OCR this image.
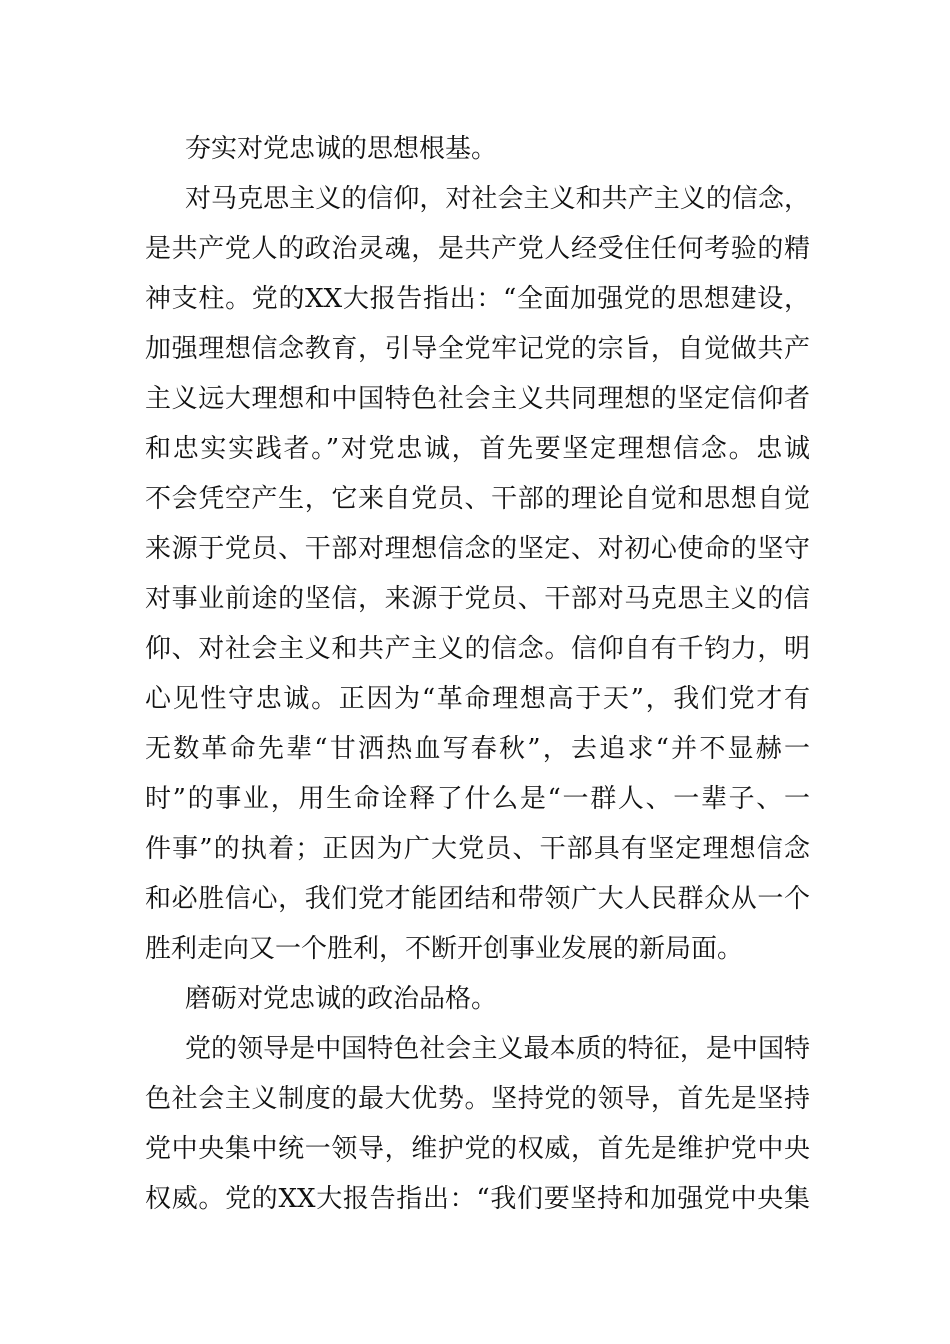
夯实对党忠诚的思想根基。
对马克思主义的信仰，对社会主义和共产主义的信念，
是共产党人的政治灵魂，是共产党人经受住任何考验的精
神支柱。党的XX大报告指出：“全面加强党的思想建设，
加强理想信念教育，引导全党牢记党的宗旨，自觉做共产
主义远大理想和中国特色社会主义共同理想的坚定信仰者
和忠实实践者。”对党忠诚，首先要坚定理想信念。忠诚
不会凭空产生，它来自党员、干部的理论自觉和思想自觉
来源于党员、干部对理想信念的坚定、对初心使命的坚守
对事业前途的坚信，来源于党员、干部对马克思主义的信
仰、对社会主义和共产主义的信念。信仰自有千钧力，明
心见性守忠诚。正因为“革命理想高于天”，我们党才有
无数革命先辈“甘洒热血写春秋”，去追求“并不显赫一
时”的事业，用生命诠释了什么是“一群人、一辈子、一
件事”的执着；正因为广大党员、干部具有坚定理想信念
和必胜信心，我们党才能团结和带领广大人民群众从一个
胜利走向又一个胜利，不断开创事业发展的新局面。
磨砺对党忠诚的政治品格。
党的领导是中国特色社会主义最本质的特征，是中国特
色社会主义制度的最大优势。坚持党的领导，首先是坚持
党中央集中统一领导，维护党的权威，首先是维护党中央
权威。党的XX大报告指出：“我们要坚持和加强党中央集
